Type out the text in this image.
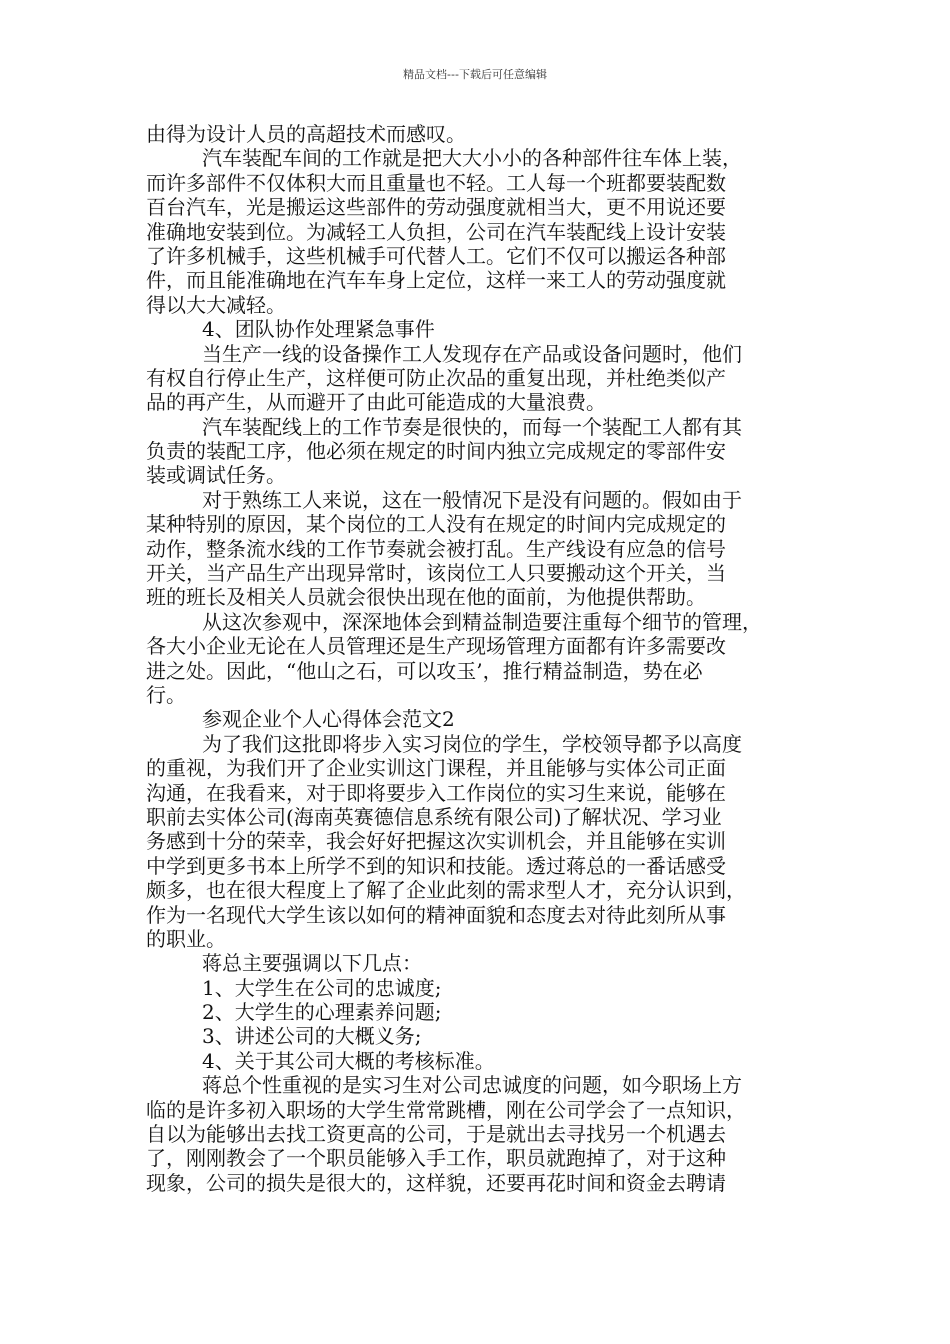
精品文档---下载后可任意编辑
由得为设计人员的高超技术而感叹。
汽车装配车间的工作就是把大大小小的各种部件往车体上装，
而许多部件不仅体积大而且重量也不轻。工人每一个班都要装配数
百台汽车，光是搬运这些部件的劳动强度就相当大，更不用说还要
准确地安装到位。为减轻工人负担，公司在汽车装配线上设计安装
了许多机械手，这些机械手可代替人工。它们不仅可以搬运各种部
件，而且能准确地在汽车车身上定位，这样一来工人的劳动强度就
得以大大减轻。
4、团队协作处理紧急事件
当生产一线的设备操作工人发现存在产品或设备问题时，他们
有权自行停止生产，这样便可防止次品的重复出现，并杜绝类似产
品的再产生，从而避开了由此可能造成的大量浪费。
汽车装配线上的工作节奏是很快的，而每一个装配工人都有其
负责的装配工序，他必须在规定的时间内独立完成规定的零部件安
装或调试任务。
对于熟练工人来说，这在一般情况下是没有问题的。假如由于
某种特别的原因，某个岗位的工人没有在规定的时间内完成规定的
动作，整条流水线的工作节奏就会被打乱。生产线设有应急的信号
开关，当产品生产出现异常时，该岗位工人只要搬动这个开关，当
班的班长及相关人员就会很快出现在他的面前，为他提供帮助。
从这次参观中，深深地体会到精益制造要注重每个细节的管理，
各大小企业无论在人员管理还是生产现场管理方面都有许多需要改
进之处。因此，“他山之石，可以攻玉’，推行精益制造，势在必
行。
参观企业个人心得体会范文2
为了我们这批即将步入实习岗位的学生，学校领导都予以高度
的重视，为我们开了企业实训这门课程，并且能够与实体公司正面
沟通，在我看来，对于即将要步入工作岗位的实习生来说，能够在
职前去实体公司(海南英赛德信息系统有限公司)了解状况、学习业
务感到十分的荣幸，我会好好把握这次实训机会，并且能够在实训
中学到更多书本上所学不到的知识和技能。透过蒋总的一番话感受
颇多，也在很大程度上了解了企业此刻的需求型人才，充分认识到，
作为一名现代大学生该以如何的精神面貌和态度去对待此刻所从事
的职业。
蒋总主要强调以下几点：
1、大学生在公司的忠诚度;
2、大学生的心理素养问题;
3、讲述公司的大概义务;
4、关于其公司大概的考核标准。
蒋总个性重视的是实习生对公司忠诚度的问题，如今职场上方
临的是许多初入职场的大学生常常跳槽，刚在公司学会了一点知识，
自以为能够出去找工资更高的公司，于是就出去寻找另一个机遇去
了，刚刚教会了一个职员能够入手工作，职员就跑掉了，对于这种
现象，公司的损失是很大的，这样貌，还要再花时间和资金去聘请
